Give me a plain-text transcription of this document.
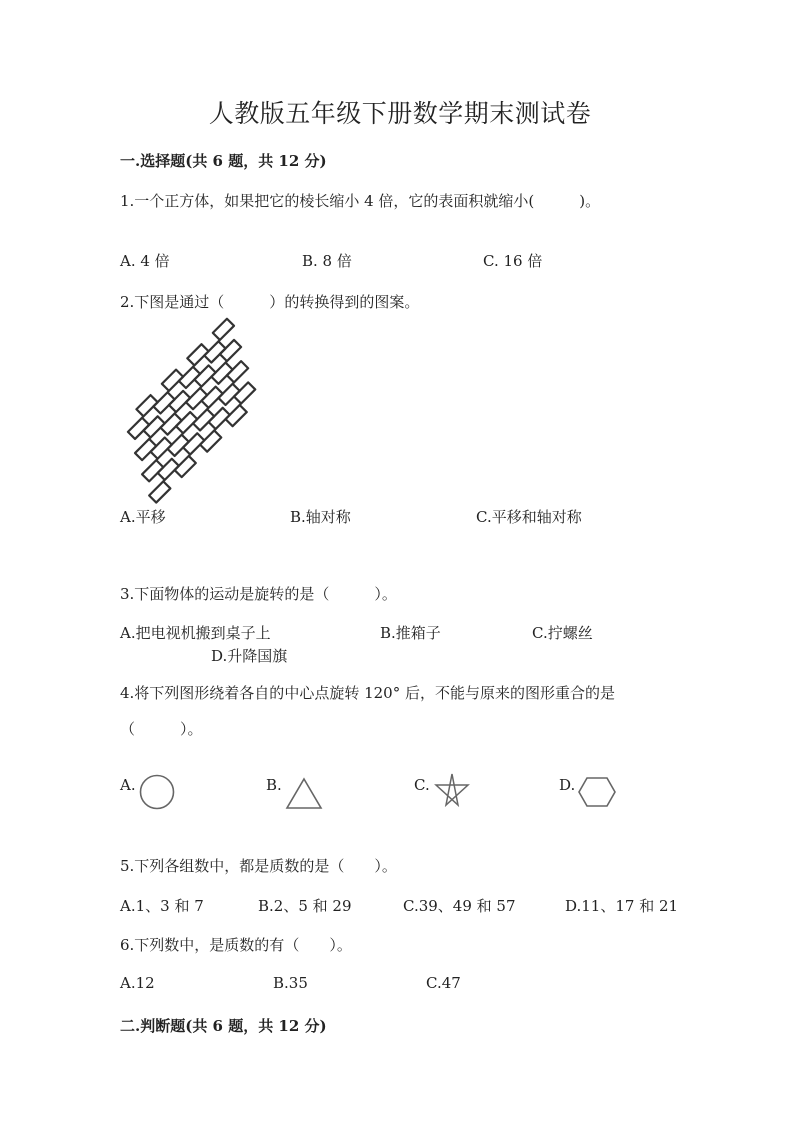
人教版五年级下册数学期末测试卷
一.选择题(共 6 题，共 12 分)
1.一个正方体，如果把它的棱长缩小 4 倍，它的表面积就缩小(　　　)。
A. 4 倍	B. 8 倍	C. 16 倍
2.下图是通过（　　　）的转换得到的图案。
A.平移	B.轴对称	C.平移和轴对称
3.下面物体的运动是旋转的是（　　　）。
A.把电视机搬到桌子上	B.推箱子	C.拧螺丝
D.升降国旗
4.将下列图形绕着各自的中心点旋转 120° 后，不能与原来的图形重合的是
（　　　）。
A.	B.	C.	D.
5.下列各组数中，都是质数的是（　　）。
A.1、3 和 7	B.2、5 和 29	C.39、49 和 57	D.11、17 和 21
6.下列数中，是质数的有（　　）。
A.12	B.35	C.47
二.判断题(共 6 题，共 12 分)
